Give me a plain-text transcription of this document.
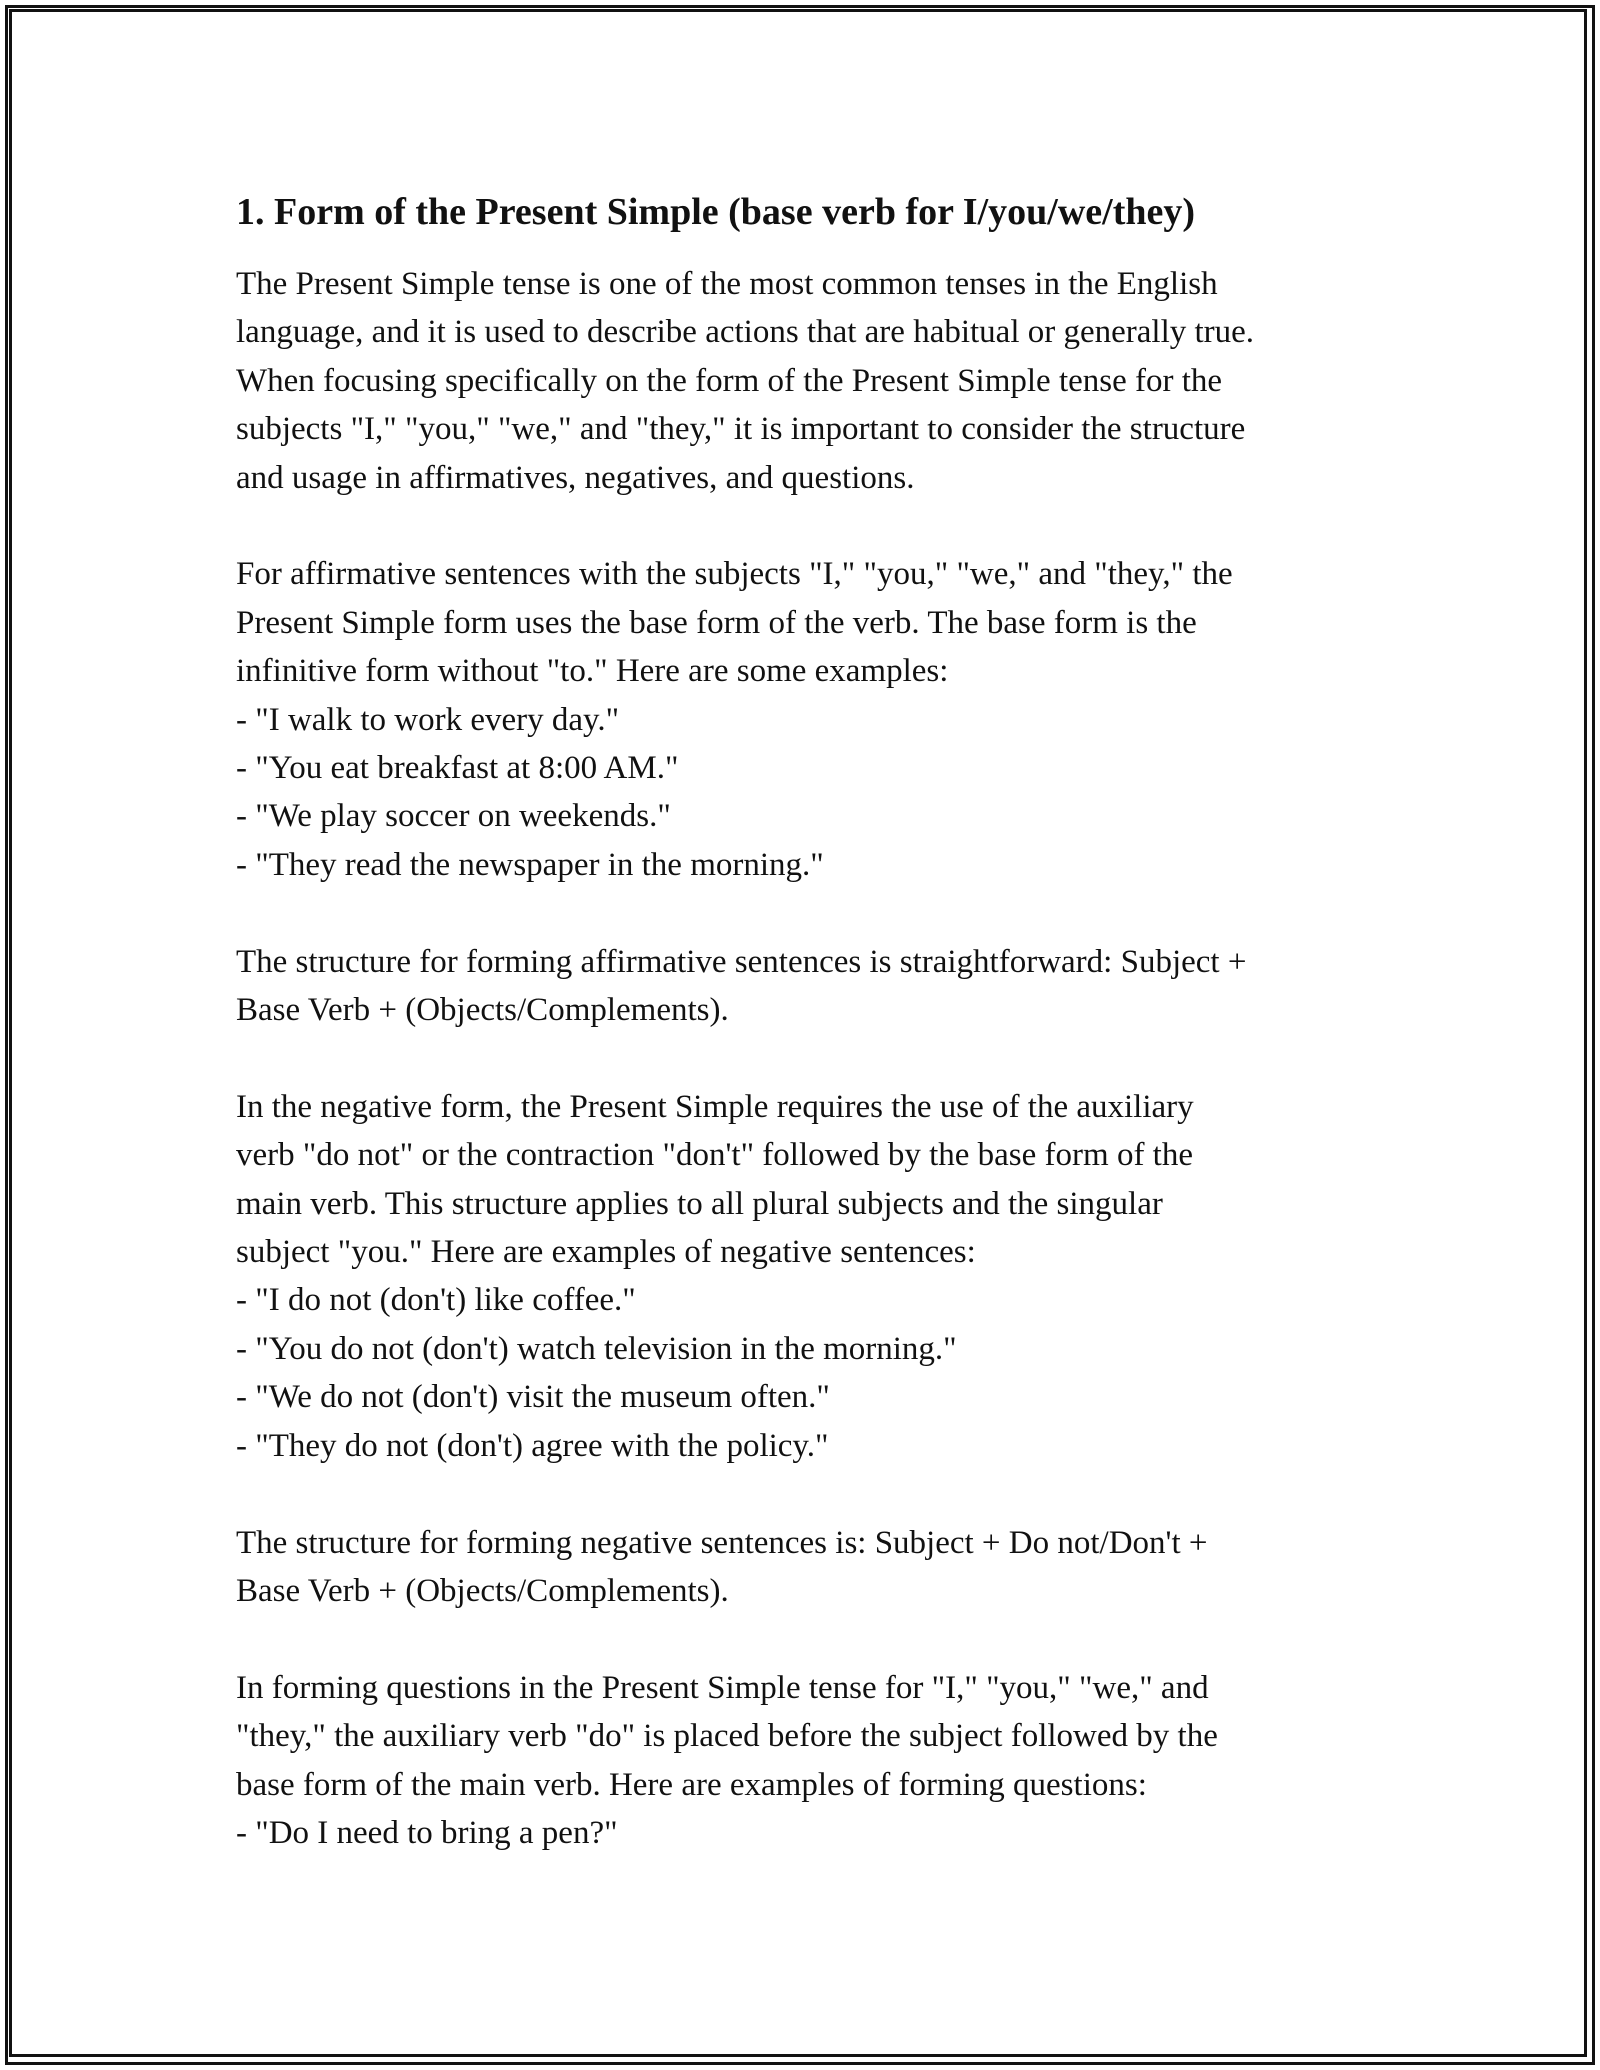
1. Form of the Present Simple (base verb for I/you/we/they)
The Present Simple tense is one of the most common tenses in the English
language, and it is used to describe actions that are habitual or generally true.
When focusing specifically on the form of the Present Simple tense for the
subjects "I," "you," "we," and "they," it is important to consider the structure
and usage in affirmatives, negatives, and questions.
For affirmative sentences with the subjects "I," "you," "we," and "they," the
Present Simple form uses the base form of the verb. The base form is the
infinitive form without "to." Here are some examples:
- "I walk to work every day."
- "You eat breakfast at 8:00 AM."
- "We play soccer on weekends."
- "They read the newspaper in the morning."
The structure for forming affirmative sentences is straightforward: Subject +
Base Verb + (Objects/Complements).
In the negative form, the Present Simple requires the use of the auxiliary
verb "do not" or the contraction "don't" followed by the base form of the
main verb. This structure applies to all plural subjects and the singular
subject "you." Here are examples of negative sentences:
- "I do not (don't) like coffee."
- "You do not (don't) watch television in the morning."
- "We do not (don't) visit the museum often."
- "They do not (don't) agree with the policy."
The structure for forming negative sentences is: Subject + Do not/Don't +
Base Verb + (Objects/Complements).
In forming questions in the Present Simple tense for "I," "you," "we," and
"they," the auxiliary verb "do" is placed before the subject followed by the
base form of the main verb. Here are examples of forming questions:
- "Do I need to bring a pen?"
